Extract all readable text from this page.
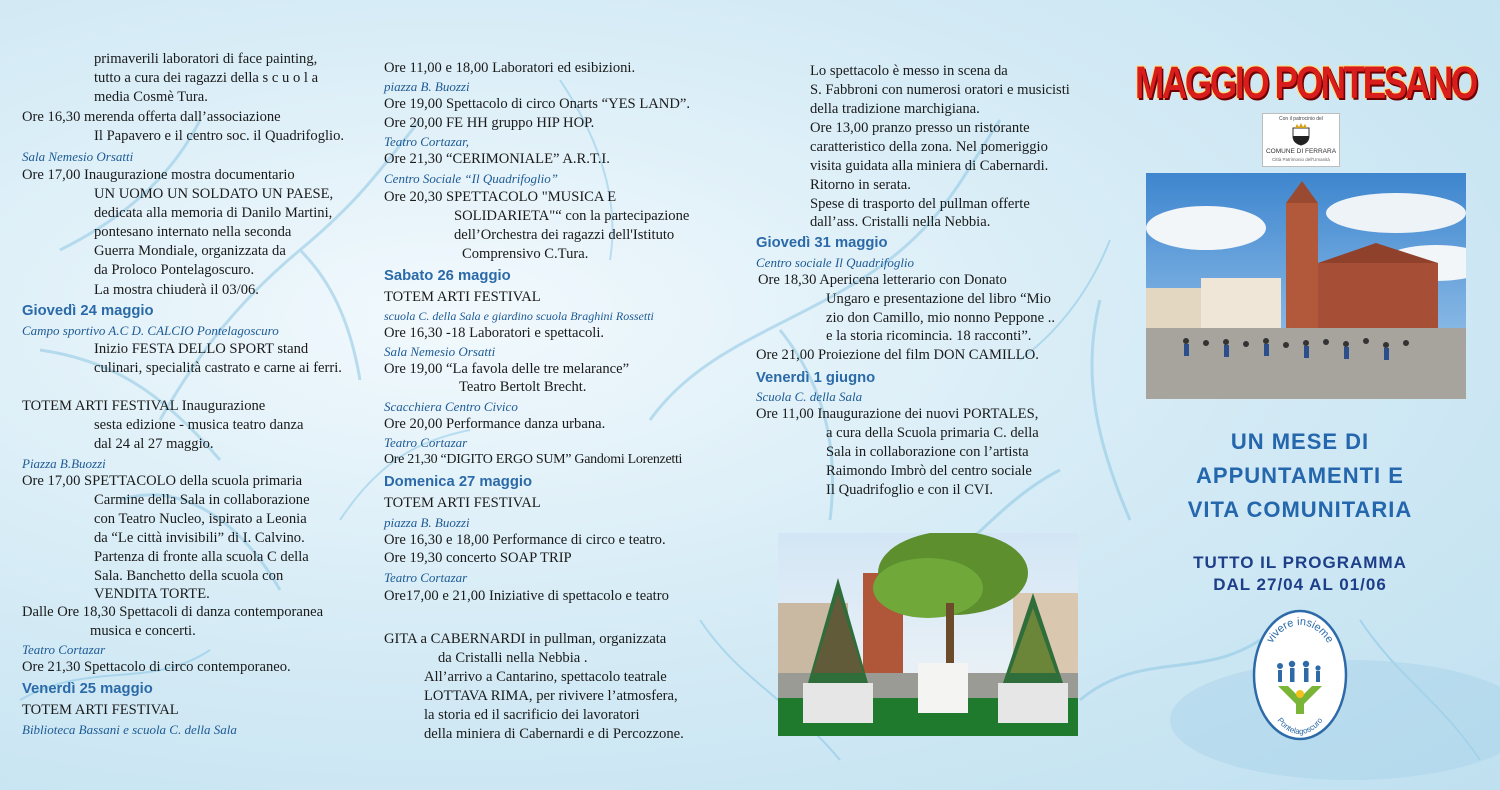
primaverili laboratori di face painting,
tutto a cura dei ragazzi della s c u o l a
media Cosmè Tura.
Ore 16,30 merenda offerta dall’associazione
Il Papavero e il centro soc. il Quadrifoglio.
Sala Nemesio Orsatti
Ore 17,00 Inaugurazione mostra documentario
UN UOMO UN SOLDATO UN PAESE,
dedicata alla memoria di Danilo Martini,
pontesano internato nella seconda
Guerra Mondiale, organizzata da
da Proloco Pontelagoscuro.
La mostra chiuderà il 03/06.
Giovedì 24 maggio
Campo sportivo A.C D. CALCIO Pontelagoscuro
Inizio FESTA DELLO SPORT stand
culinari, specialità castrato e carne ai ferri.
TOTEM ARTI FESTIVAL Inaugurazione
sesta edizione - musica teatro danza
dal 24 al 27 maggio.
Piazza B.Buozzi
Ore 17,00 SPETTACOLO della scuola primaria
Carmine della Sala in collaborazione
con Teatro Nucleo, ispirato a Leonia
da “Le città invisibili” di I. Calvino.
Partenza di fronte alla scuola C della
Sala. Banchetto della scuola con
VENDITA TORTE.
Dalle Ore 18,30 Spettacoli di danza contemporanea
musica e concerti.
Teatro Cortazar
Ore 21,30 Spettacolo di circo contemporaneo.
Venerdì 25 maggio
TOTEM ARTI FESTIVAL
Biblioteca Bassani e scuola C. della Sala
Ore 11,00 e 18,00 Laboratori ed esibizioni.
piazza B. Buozzi
Ore 19,00 Spettacolo di circo Onarts “YES LAND”.
Ore 20,00 FE HH gruppo HIP HOP.
Teatro Cortazar,
Ore 21,30 “CERIMONIALE” A.R.T.I.
Centro Sociale “Il Quadrifoglio”
Ore 20,30 SPETTACOLO "MUSICA E
SOLIDARIETA"“ con la partecipazione
dell’Orchestra dei ragazzi dell'Istituto
Comprensivo C.Tura.
Sabato 26 maggio
TOTEM ARTI FESTIVAL
scuola C. della Sala e giardino scuola Braghini Rossetti
Ore 16,30 -18 Laboratori e spettacoli.
Sala Nemesio Orsatti
Ore 19,00 “La favola delle tre melarance”
Teatro Bertolt Brecht.
Scacchiera Centro Civico
Ore 20,00 Performance danza urbana.
Teatro Cortazar
Ore 21,30 “DIGITO ERGO SUM” Gandomi Lorenzetti
Domenica 27 maggio
TOTEM ARTI FESTIVAL
piazza B. Buozzi
Ore 16,30 e 18,00 Performance di circo e teatro.
Ore 19,30 concerto SOAP TRIP
Teatro Cortazar
Ore17,00 e 21,00 Iniziative di spettacolo e teatro
GITA a CABERNARDI in pullman, organizzata
da Cristalli nella Nebbia .
All’arrivo a Cantarino, spettacolo teatrale
LOTTAVA RIMA, per rivivere l’atmosfera,
la storia ed il sacrificio dei lavoratori
della miniera di Cabernardi e di Percozzone.
Lo spettacolo è messo in scena da
S. Fabbroni con numerosi oratori e musicisti
della tradizione marchigiana.
Ore 13,00 pranzo presso un ristorante
caratteristico della zona. Nel pomeriggio
visita guidata alla miniera di Cabernardi.
Ritorno in serata.
Spese di trasporto del pullman offerte
dall’ass. Cristalli nella Nebbia.
Giovedì 31 maggio
Centro sociale Il Quadrifoglio
Ore 18,30 Apericena letterario con Donato
Ungaro e presentazione del libro “Mio
zio don Camillo, mio nonno Peppone ..
e la storia ricomincia. 18 racconti”.
Ore 21,00 Proiezione del film DON CAMILLO.
Venerdì 1 giugno
Scuola C. della Sala
Ore 11,00 Inaugurazione dei nuovi PORTALES,
a cura della Scuola primaria C. della
Sala in collaborazione con l’artista
Raimondo Imbrò del centro sociale
Il Quadrifoglio e con il CVI.
MAGGIO PONTESANO
Con il patrocinio del
COMUNE DI FERRARA
Città Patrimonio dell'Umanità
UN MESE DI
APPUNTAMENTI E
VITA COMUNITARIA
TUTTO IL PROGRAMMA
DAL 27/04 AL 01/06
vivere insieme
Pontelagoscuro
